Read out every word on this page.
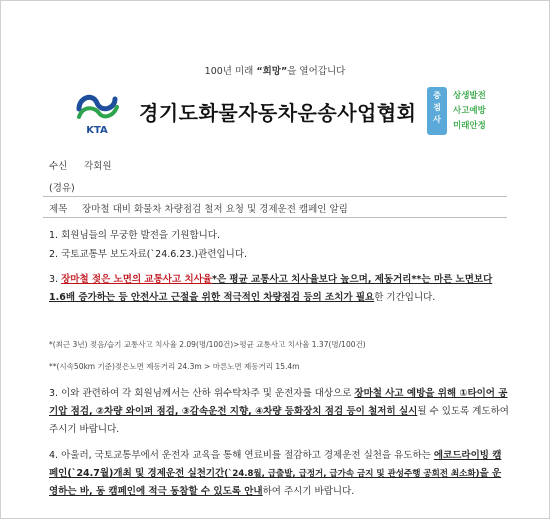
100년 미래 “희망”을 열어갑니다
KTA
경기도화물자동차운송사업협회
중
점
사
상생발전
사고예방
미래안정
수신 각회원
(경유)
제목 장마철 대비 화물차 차량점검 철저 요청 및 경제운전 캠페인 알림
1. 회원님들의 무궁한 발전을 기원합니다.
2. 국토교통부 보도자료(`24.6.23.)관련입니다.
3. 장마철 젖은 노면의 교통사고 치사율*은 평균 교통사고 치사율보다 높으며, 제동거리**는 마른 노면보다 1.6배 증가하는 등 안전사고 근절을 위한 적극적인 차량점검 등의 조치가 필요한 기간입니다.
*(최근 3년) 젖음/습기 교통사고 치사율 2.09(명/100건)>평균 교통사고 치사율 1.37(명/100건)
**(시속50km 기준)젖은노면 제동거리 24.3m > 마른노면 제동거리 15.4m
3. 이와 관련하여 각 회원님께서는 산하 위수탁차주 및 운전자를 대상으로 장마철 사고 예방을 위해 ①타이어 공기압 점검, ②차량 와이퍼 점검, ③감속운전 지향, ④차량 등화장치 점검 등이 철저히 실시될 수 있도록 계도하여 주시기 바랍니다.
4. 아울러, 국토교통부에서 운전자 교육을 통해 연료비를 절감하고 경제운전 실천을 유도하는 에코드라이빙 캠페인(`24.7월)개최 및 경제운전 실천기간(`24.8월, 급출발, 급정거, 급가속 금지 및 관성주행 공회전 최소화)을 운영하는 바, 동 캠페인에 적극 동참할 수 있도록 안내하여 주시기 바랍니다.
